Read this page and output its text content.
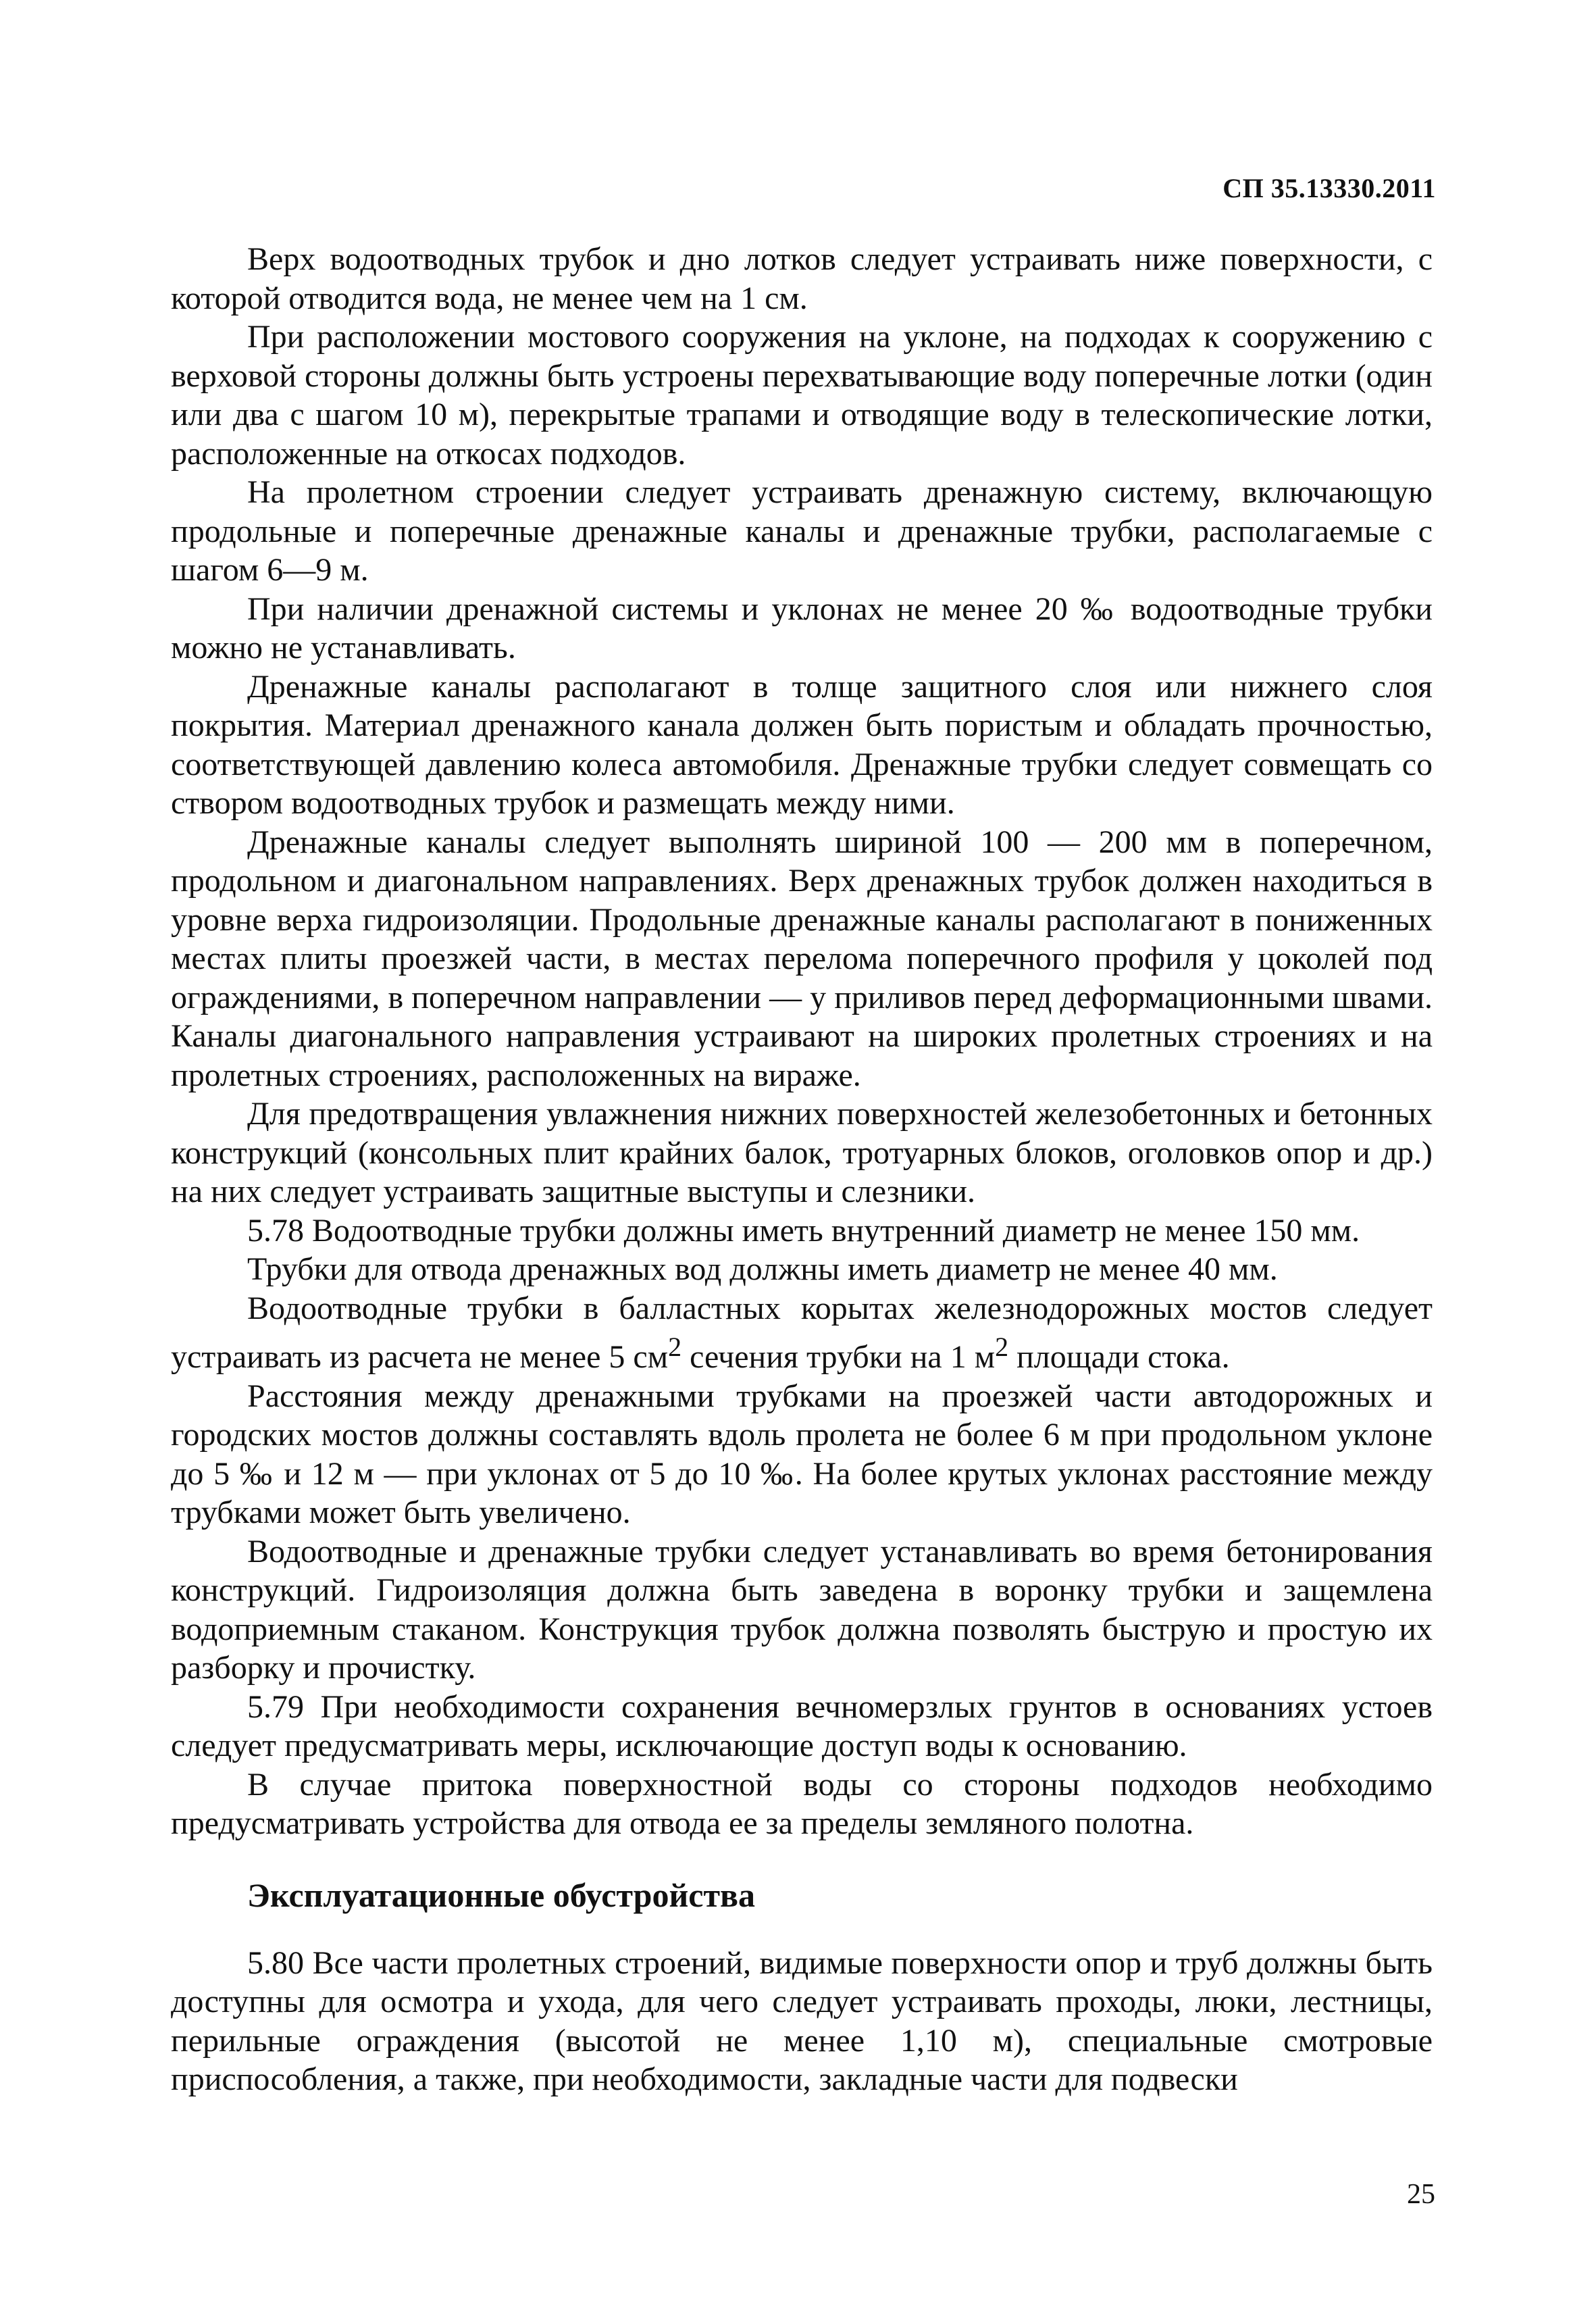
СП 35.13330.2011

Верх водоотводных трубок и дно лотков следует устраивать ниже поверхности, с которой отводится вода, не менее чем на 1 см.

При расположении мостового сооружения на уклоне, на подходах к сооружению с верховой стороны должны быть устроены перехватывающие воду поперечные лотки (один или два с шагом 10 м), перекрытые трапами и отводящие воду в телескопические лотки, расположенные на откосах подходов.

На пролетном строении следует устраивать дренажную систему, включающую продольные и поперечные дренажные каналы и дренажные трубки, располагаемые с шагом 6—9 м.

При наличии дренажной системы и уклонах не менее 20 ‰ водоотводные трубки можно не устанавливать.

Дренажные каналы располагают в толще защитного слоя или нижнего слоя покрытия. Материал дренажного канала должен быть пористым и обладать прочностью, соответствующей давлению колеса автомобиля. Дренажные трубки следует совмещать со створом водоотводных трубок и размещать между ними.

Дренажные каналы следует выполнять шириной 100 — 200 мм в поперечном, продольном и диагональном направлениях. Верх дренажных трубок должен находиться в уровне верха гидроизоляции. Продольные дренажные каналы располагают в пониженных местах плиты проезжей части, в местах перелома поперечного профиля у цоколей под ограждениями, в поперечном направлении — у приливов перед деформационными швами. Каналы диагонального направления устраивают на широких пролетных строениях и на пролетных строениях, расположенных на вираже.

Для предотвращения увлажнения нижних поверхностей железобетонных и бетонных конструкций (консольных плит крайних балок, тротуарных блоков, оголовков опор и др.) на них следует устраивать защитные выступы и слезники.

5.78 Водоотводные трубки должны иметь внутренний диаметр не менее 150 мм.

Трубки для отвода дренажных вод должны иметь диаметр не менее 40 мм.

Водоотводные трубки в балластных корытах железнодорожных мостов следует устраивать из расчета не менее 5 $см^2$ сечения трубки на 1 $м^2$ площади стока.

Расстояния между дренажными трубками на проезжей части автодорожных и городских мостов должны составлять вдоль пролета не более 6 м при продольном уклоне до 5 ‰ и 12 м — при уклонах от 5 до 10 ‰. На более крутых уклонах расстояние между трубками может быть увеличено.

Водоотводные и дренажные трубки следует устанавливать во время бетонирования конструкций. Гидроизоляция должна быть заведена в воронку трубки и защемлена водоприемным стаканом. Конструкция трубок должна позволять быструю и простую их разборку и прочистку.

5.79 При необходимости сохранения вечномерзлых грунтов в основаниях устоев следует предусматривать меры, исключающие доступ воды к основанию.

В случае притока поверхностной воды со стороны подходов необходимо предусматривать устройства для отвода ее за пределы земляного полотна.

Эксплуатационные обустройства

5.80 Все части пролетных строений, видимые поверхности опор и труб должны быть доступны для осмотра и ухода, для чего следует устраивать проходы, люки, лестницы, перильные ограждения (высотой не менее 1,10 м), специальные смотровые приспособления, а также, при необходимости, закладные части для подвески

25
